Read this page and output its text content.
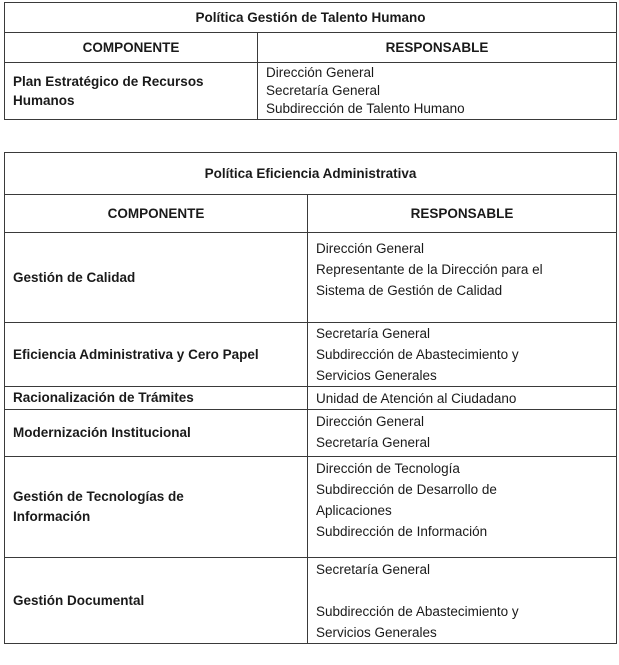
Política Gestión de Talento Humano	
COMPONENTE	RESPONSABLE
Plan Estratégico de Recursos Humanos	Dirección General
Secretaría General
Subdirección de Talento Humano
Política Eficiencia Administrativa	
COMPONENTE	RESPONSABLE
Gestión de Calidad	Dirección General
Representante de la Dirección para el
Sistema de Gestión de Calidad

Eficiencia Administrativa y Cero Papel	Secretaría General
Subdirección de Abastecimiento y
Servicios Generales

Racionalización de Trámites	Unidad de Atención al Ciudadano

Modernización Institucional	Dirección General
Secretaría General

Gestión de Tecnologías de
Información	Dirección de Tecnología
Subdirección de Desarrollo de
Aplicaciones
Subdirección de Información

Gestión Documental	Secretaría General
Subdirección de Abastecimiento y
Servicios Generales
